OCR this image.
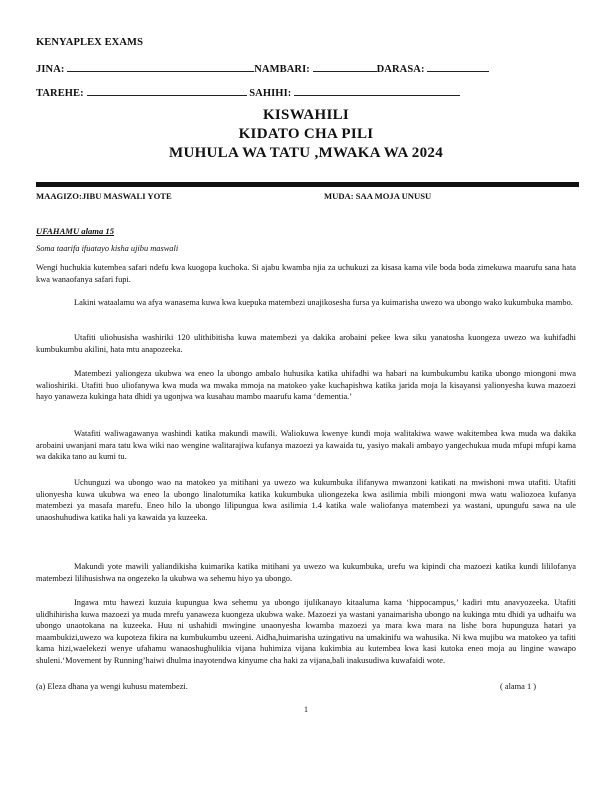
KENYAPLEX EXAMS
JINA:	NAMBARI:	DARASA:
TAREHE:	SAHIHI:
KISWAHILI
KIDATO CHA PILI
MUHULA WA TATU ,MWAKA WA 2024
MAAGIZO:JIBU MASWALI YOTE	MUDA: SAA MOJA UNUSU
UFAHAMU alama 15
Soma taarifa ifuatayo kisha ujibu maswali
Wengi huchukia kutembea safari ndefu kwa kuogopa kuchoka. Si ajabu kwamba njia za uchukuzi za kisasa kama vile boda boda zimekuwa maarufu sana hata kwa wanaofanya safari fupi.
Lakini wataalamu wa afya wanasema kuwa kwa kuepuka matembezi unajikosesha fursa ya kuimarisha uwezo wa ubongo wako kukumbuka mambo.
Utafiti uliohusisha washiriki 120 ulithibitisha kuwa matembezi ya dakika arobaini pekee kwa siku yanatosha kuongeza uwezo wa kuhifadhi kumbukumbu akilini, hata mtu anapozeeka.
Matembezi yaliongeza ukubwa wa eneo la ubongo ambalo huhusika katika uhifadhi wa habari na kumbukumbu katika ubongo miongoni mwa walioshiriki. Utafiti huo uliofanywa kwa muda wa mwaka mmoja na matokeo yake kuchapishwa katika jarida moja la kisayansi yalionyesha kuwa mazoezi hayo yanaweza kukinga hata dhidi ya ugonjwa wa kusahau mambo maarufu kama ‘dementia.’
Watafiti waliwagawanya washindi katika makundi mawili. Waliokuwa kwenye kundi moja walitakiwa wawe wakitembea kwa muda wa dakika arobaini uwanjani mara tatu kwa wiki nao wengine walitarajiwa kufanya mazoezi ya kawaida tu, yasiyo makali ambayo yangechukua muda mfupi mfupi kama wa dakika tano au kumi tu.
Uchunguzi wa ubongo wao na matokeo ya mitihani ya uwezo wa kukumbuka ilifanywa mwanzoni katikati na mwishoni mwa utafiti. Utafiti ulionyesha kuwa ukubwa wa eneo la ubongo linalotumika katika kukumbuka uliongezeka kwa asilimia mbili miongoni mwa watu waliozoea kufanya matembezi ya masafa marefu. Eneo hilo la ubongo lilipungua kwa asilimia 1.4 katika wale waliofanya matembezi ya wastani, upungufu sawa na ule unaoshuhudiwa katika hali ya kawaida ya kuzeeka.
Makundi yote mawili yaliandikisha kuimarika katika mitihani ya uwezo wa kukumbuka, urefu wa kipindi cha mazoezi katika kundi lililofanya matembezi lilihusishwa na ongezeko la ukubwa wa sehemu hiyo ya ubongo.
Ingawa mtu hawezi kuzuia kupungua kwa sehemu ya ubongo ijulikanayo kitaaluma kama ‘hippocampus,’ kadiri mtu anavyozeeka. Utafiti ulidhihirisha kuwa mazoezi ya muda mrefu yanaweza kuongeza ukubwa wake. Mazoezi ya wastani yanaimarisha ubongo na kukinga mtu dhidi ya udhaifu wa ubongo unaotokana na kuzeeka. Huu ni ushahidi mwingine unaonyesha kwamba mazoezi ya mara kwa mara na lishe bora hupunguza hatari ya maambukizi,uwezo wa kupoteza fikira na kumbukumbu uzeeni. Aidha,huimarisha uzingativu na umakinifu wa wahusika. Ni kwa mujibu wa matokeo ya tafiti kama hizi,waelekezi wenye ufahamu wanaoshughulikia vijana huhimiza vijana kukimbia au kutembea kwa kasi kutoka eneo moja au lingine wawapo shuleni.‘Movement by Running’haiwi dhulma inayotendwa kinyume cha haki za vijana,bali inakusudiwa kuwafaidi wote.
(a) Eleza dhana ya wengi kuhusu matembezi.	( alama 1 )
1
